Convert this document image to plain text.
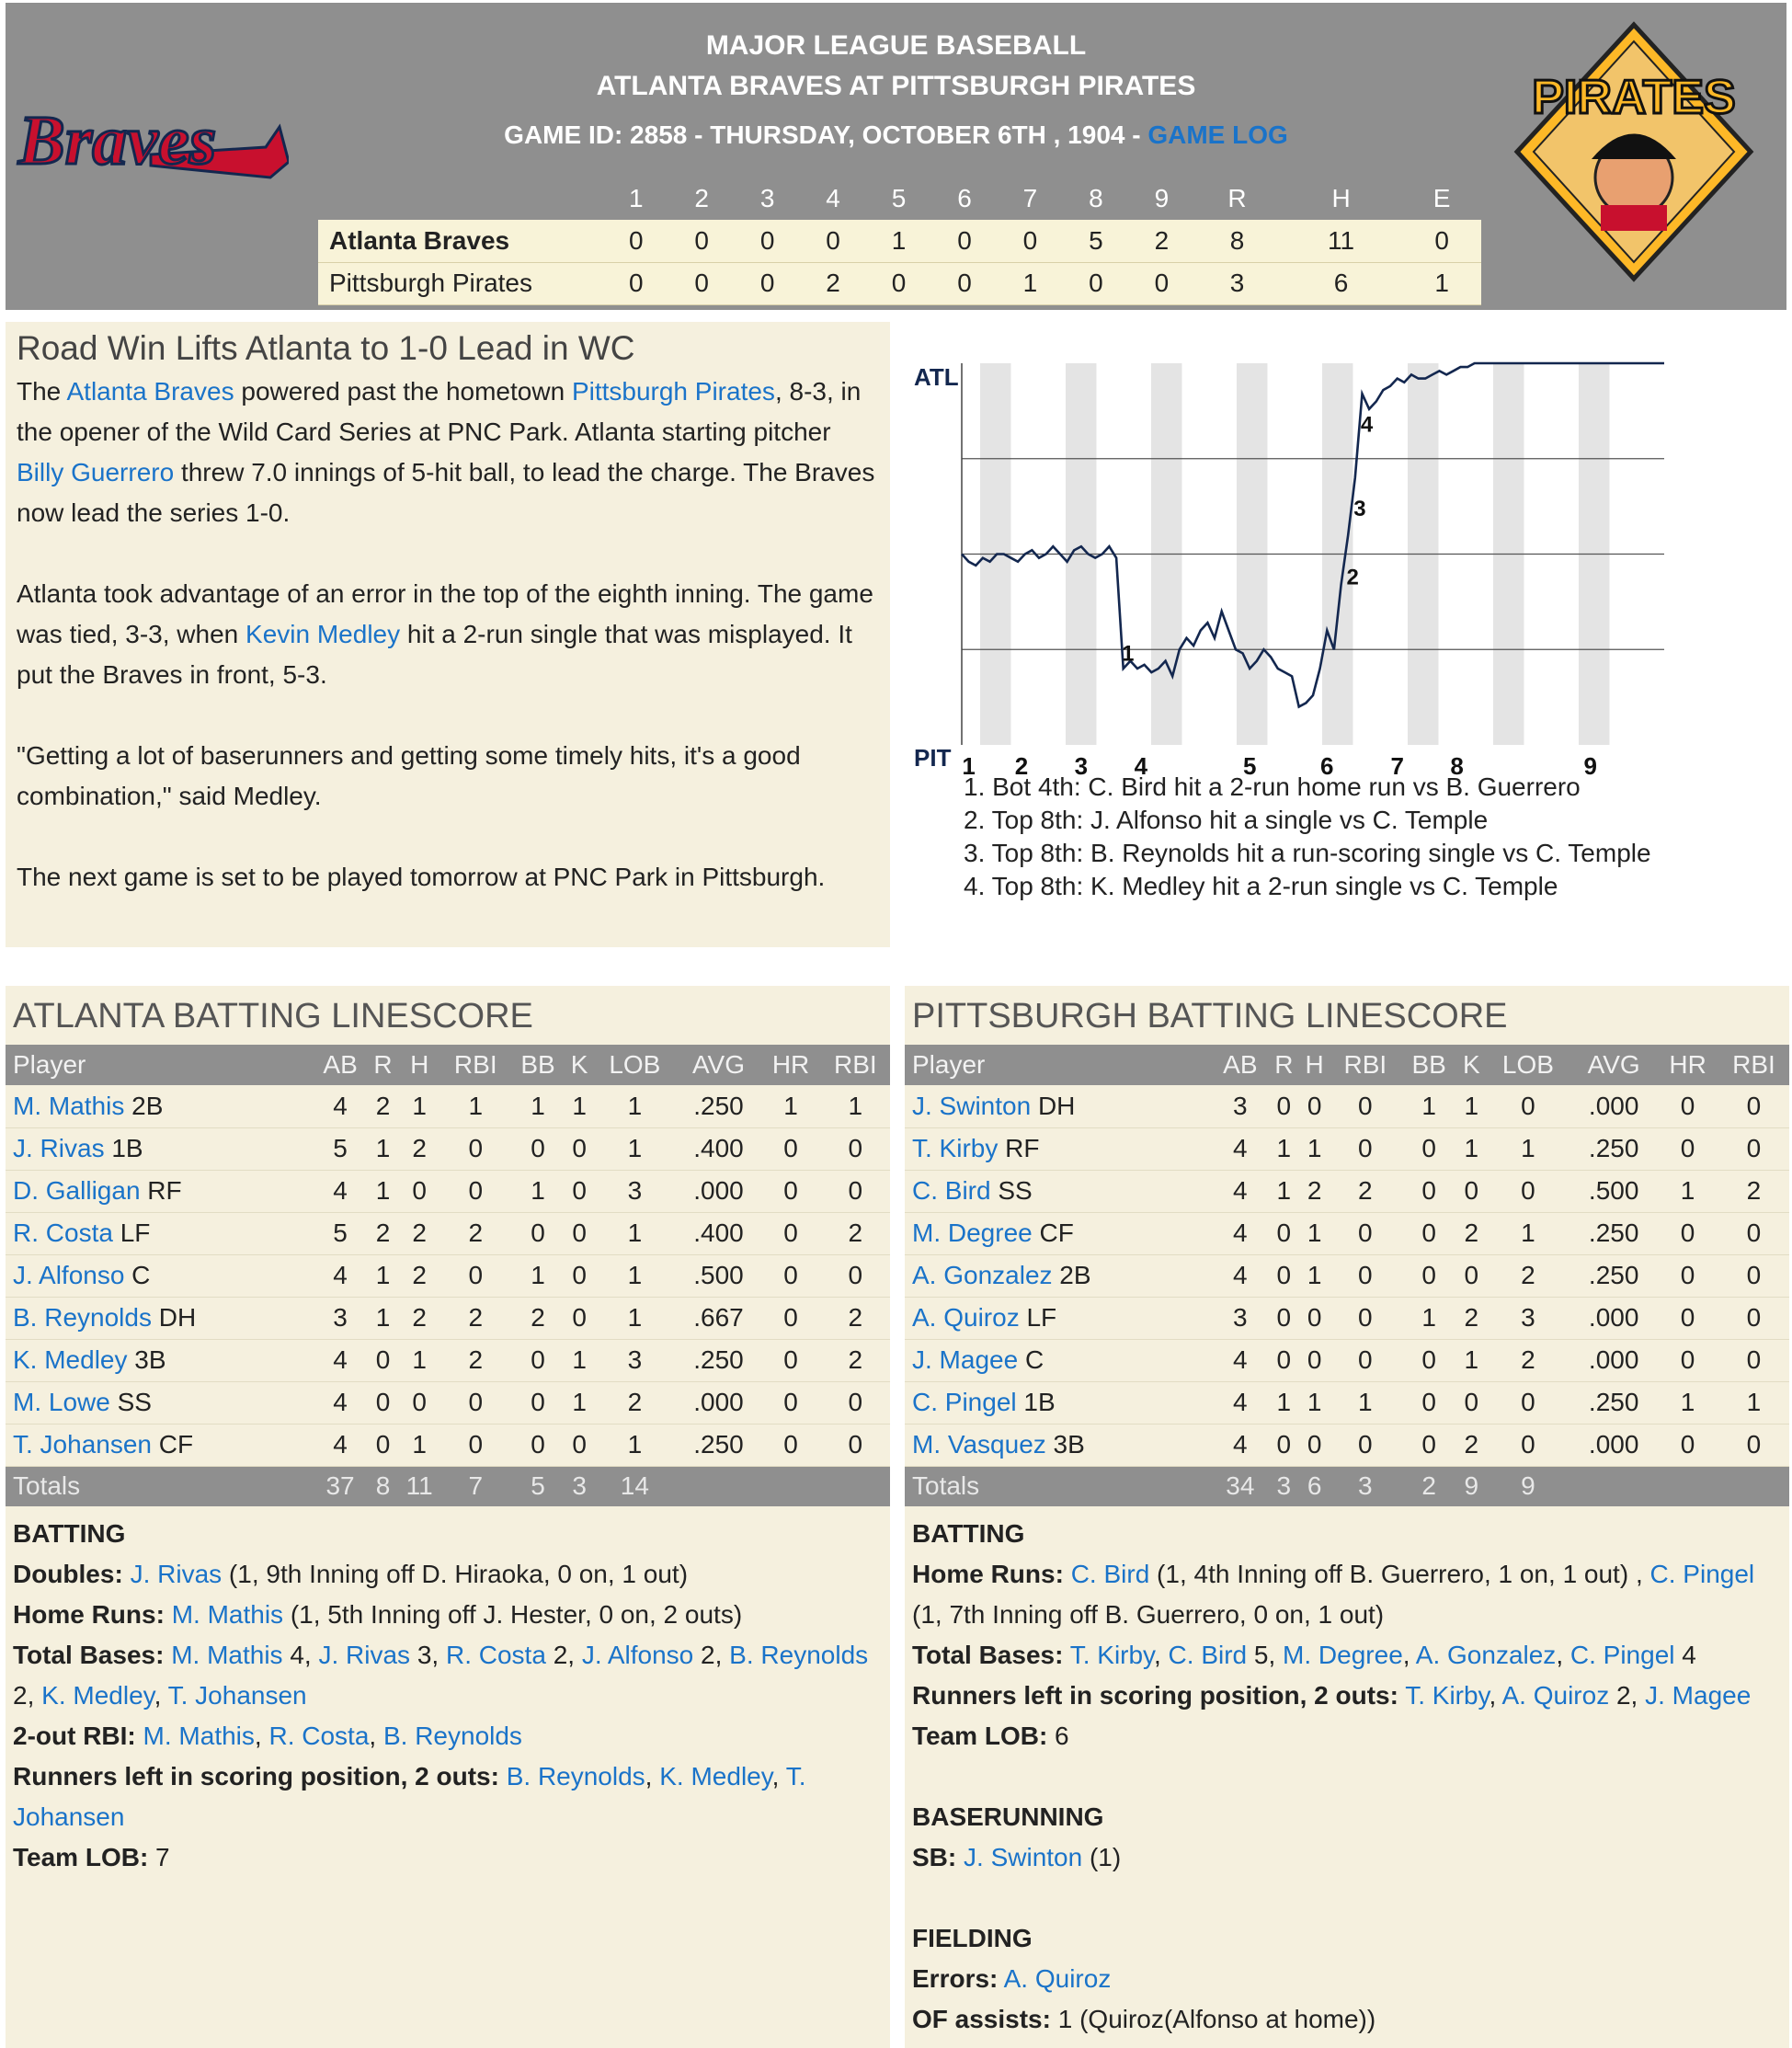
Braves
PIRATES
MAJOR LEAGUE BASEBALL
ATLANTA BRAVES AT PITTSBURGH PIRATES
GAME ID: 2858 - THURSDAY, OCTOBER 6TH , 1904 - GAME LOG
	1	2	3	4	5	6	7	8	9	R	H	E
Atlanta Braves	0	0	0	0	1	0	0	5	2	8	11	0
Pittsburgh Pirates	0	0	0	2	0	0	1	0	0	3	6	1
Road Win Lifts Atlanta to 1-0 Lead in WC

The Atlanta Braves powered past the hometown Pittsburgh Pirates, 8-3, in the opener of the Wild Card Series at PNC Park. Atlanta starting pitcher Billy Guerrero threw 7.0 innings of 5-hit ball, to lead the charge. The Braves now lead the series 1-0.

Atlanta took advantage of an error in the top of the eighth inning. The game was tied, 3-3, when Kevin Medley hit a 2-run single that was misplayed. It put the Braves in front, 5-3.

"Getting a lot of baserunners and getting some timely hits, it's a good combination," said Medley.

The next game is set to be played tomorrow at PNC Park in Pittsburgh.

ATL
PIT
1
2
3
4
1 2 3 4	5	6 7 8	9
1. Bot 4th: C. Bird hit a 2-run home run vs B. Guerrero
2. Top 8th: J. Alfonso hit a single vs C. Temple
3. Top 8th: B. Reynolds hit a run-scoring single vs C. Temple
4. Top 8th: K. Medley hit a 2-run single vs C. Temple
ATLANTA BATTING LINESCORE
Player	AB	R	H	RBI	BB	K	LOB	AVG	HR	RBI
M. Mathis 2B	4	2	1	1	1	1	1	.250	1	1
J. Rivas 1B	5	1	2	0	0	0	1	.400	0	0
D. Galligan RF	4	1	0	0	1	0	3	.000	0	0
R. Costa LF	5	2	2	2	0	0	1	.400	0	2
J. Alfonso C	4	1	2	0	1	0	1	.500	0	0
B. Reynolds DH	3	1	2	2	2	0	1	.667	0	2
K. Medley 3B	4	0	1	2	0	1	3	.250	0	2
M. Lowe SS	4	0	0	0	0	1	2	.000	0	0
T. Johansen CF	4	0	1	0	0	0	1	.250	0	0
Totals	37	8	11	7	5	3	14			
BATTING
Doubles: J. Rivas (1, 9th Inning off D. Hiraoka, 0 on, 1 out)
Home Runs: M. Mathis (1, 5th Inning off J. Hester, 0 on, 2 outs)
Total Bases: M. Mathis 4, J. Rivas 3, R. Costa 2, J. Alfonso 2, B. Reynolds 2, K. Medley, T. Johansen
2-out RBI: M. Mathis, R. Costa, B. Reynolds
Runners left in scoring position, 2 outs: B. Reynolds, K. Medley, T. Johansen
Team LOB: 7
PITTSBURGH BATTING LINESCORE
Player	AB	R	H	RBI	BB	K	LOB	AVG	HR	RBI
J. Swinton DH	3	0	0	0	1	1	0	.000	0	0
T. Kirby RF	4	1	1	0	0	1	1	.250	0	0
C. Bird SS	4	1	2	2	0	0	0	.500	1	2
M. Degree CF	4	0	1	0	0	2	1	.250	0	0
A. Gonzalez 2B	4	0	1	0	0	0	2	.250	0	0
A. Quiroz LF	3	0	0	0	1	2	3	.000	0	0
J. Magee C	4	0	0	0	0	1	2	.000	0	0
C. Pingel 1B	4	1	1	1	0	0	0	.250	1	1
M. Vasquez 3B	4	0	0	0	0	2	0	.000	0	0
Totals	34	3	6	3	2	9	9			
BATTING
Home Runs: C. Bird (1, 4th Inning off B. Guerrero, 1 on, 1 out) , C. Pingel (1, 7th Inning off B. Guerrero, 0 on, 1 out)
Total Bases: T. Kirby, C. Bird 5, M. Degree, A. Gonzalez, C. Pingel 4
Runners left in scoring position, 2 outs: T. Kirby, A. Quiroz 2, J. Magee
Team LOB: 6
BASERUNNING
SB: J. Swinton (1)
FIELDING
Errors: A. Quiroz
OF assists: 1 (Quiroz(Alfonso at home))
